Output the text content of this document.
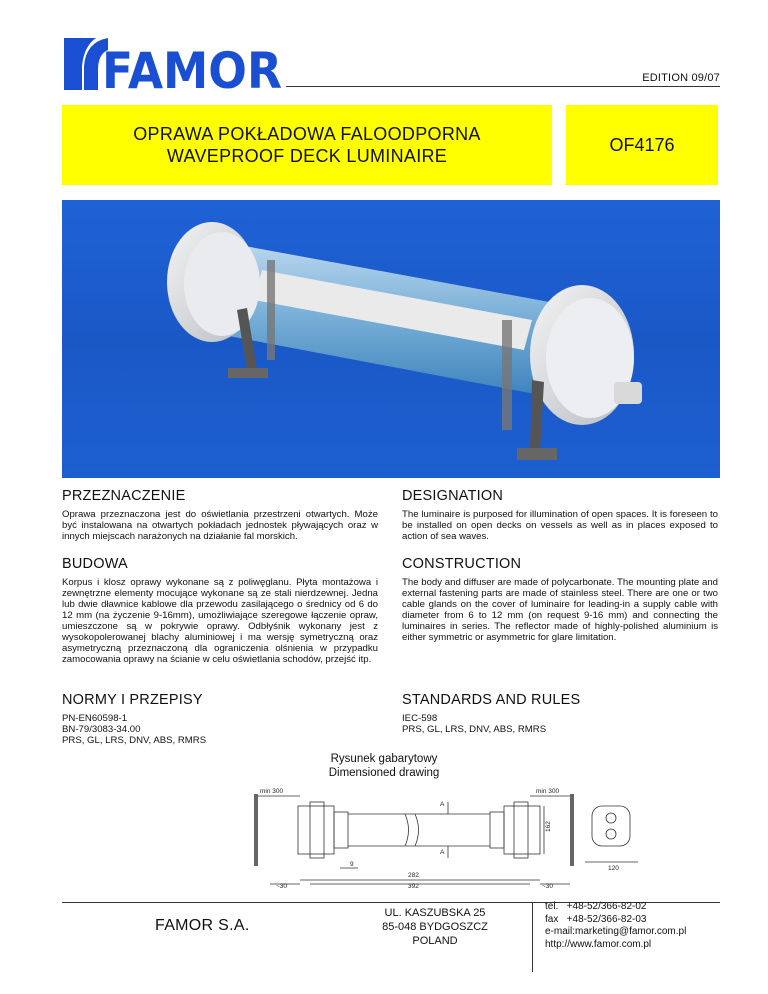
FAMOR	EDITION 09/07
OPRAWA POKŁADOWA FALOODPORNA
WAVEPROOF DECK LUMINAIRE
OF4176
PRZEZNACZENIE
Oprawa przeznaczona jest do oświetlania przestrzeni otwartych. Może być instalowana na otwartych pokładach jednostek pływających oraz w innych miejscach narażonych na działanie fal morskich.
DESIGNATION
The luminaire is purposed for illumination of open spaces. It is foreseen to be installed on open decks on vessels as well as in places exposed to action of sea waves.
BUDOWA
Korpus i klosz oprawy wykonane są z poliwęglanu. Płyta montażowa i zewnętrzne elementy mocujące wykonane są ze stali nierdzewnej. Jedna lub dwie dławnice kablowe dla przewodu zasilającego o średnicy od 6 do 12 mm (na życzenie 9-16mm), umożliwiające szeregowe łączenie opraw, umieszczone są w pokrywie oprawy. Odbłyśnik wykonany jest z wysokopolerowanej blachy aluminiowej i ma wersję symetryczną oraz asymetryczną przeznaczoną dla ograniczenia olśnienia w przypadku zamocowania oprawy na ścianie w celu oświetlania schodów, przejść itp.
CONSTRUCTION
The body and diffuser are made of polycarbonate. The mounting plate and external fastening parts are made of stainless steel. There are one or two cable glands on the cover of luminaire for leading-in a supply cable with diameter from 6 to 12 mm (on request 9-16 mm) and connecting the luminaires in series. The reflector made of highly-polished aluminium is either symmetric or asymmetric for glare limitation.
NORMY I PRZEPISY
PN-EN60598-1
BN-79/3083-34.00
PRS, GL, LRS, DNV, ABS, RMRS
STANDARDS AND RULES
IEC-598
PRS, GL, LRS, DNV, ABS, RMRS
Rysunek gabarytowy
Dimensioned drawing
min 300	min 300
A
A
9
282
392
~30	~30
162
120
FAMOR S.A.
UL. KASZUBSKA 25
85-048 BYDGOSZCZ
POLAND
tel.   +48-52/366-82-02
fax   +48-52/366-82-03
e-mail:marketing@famor.com.pl
http://www.famor.com.pl
